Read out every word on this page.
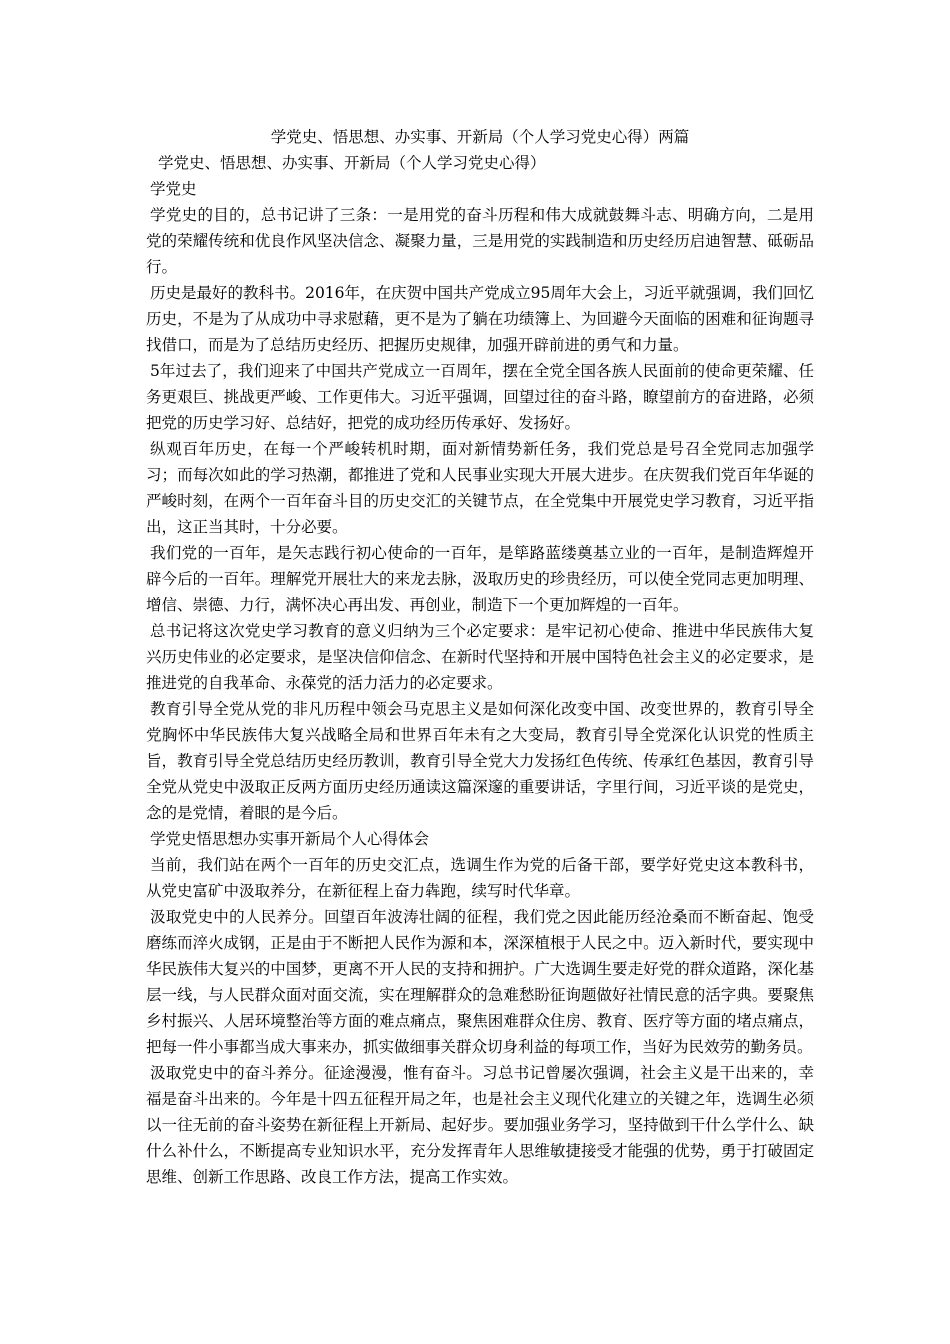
学党史、悟思想、办实事、开新局（个人学习党史心得）两篇
学党史、悟思想、办实事、开新局（个人学习党史心得）
学党史

学党史的目的，总书记讲了三条：一是用党的奋斗历程和伟大成就鼓舞斗志、明确方向，二是用党的荣耀传统和优良作风坚决信念、凝聚力量，三是用党的实践制造和历史经历启迪智慧、砥砺品行。

历史是最好的教科书。2016年，在庆贺中国共产党成立95周年大会上，习近平就强调，我们回忆历史，不是为了从成功中寻求慰藉，更不是为了躺在功绩簿上、为回避今天面临的困难和征询题寻找借口，而是为了总结历史经历、把握历史规律，加强开辟前进的勇气和力量。

5年过去了，我们迎来了中国共产党成立一百周年，摆在全党全国各族人民面前的使命更荣耀、任务更艰巨、挑战更严峻、工作更伟大。习近平强调，回望过往的奋斗路，瞭望前方的奋进路，必须把党的历史学习好、总结好，把党的成功经历传承好、发扬好。

纵观百年历史，在每一个严峻转机时期，面对新情势新任务，我们党总是号召全党同志加强学习；而每次如此的学习热潮，都推进了党和人民事业实现大开展大进步。在庆贺我们党百年华诞的严峻时刻，在两个一百年奋斗目的历史交汇的关键节点，在全党集中开展党史学习教育，习近平指出，这正当其时，十分必要。

我们党的一百年，是矢志践行初心使命的一百年，是筚路蓝缕奠基立业的一百年，是制造辉煌开辟今后的一百年。理解党开展壮大的来龙去脉，汲取历史的珍贵经历，可以使全党同志更加明理、增信、崇德、力行，满怀决心再出发、再创业，制造下一个更加辉煌的一百年。

总书记将这次党史学习教育的意义归纳为三个必定要求：是牢记初心使命、推进中华民族伟大复兴历史伟业的必定要求，是坚决信仰信念、在新时代坚持和开展中国特色社会主义的必定要求，是推进党的自我革命、永葆党的活力活力的必定要求。

教育引导全党从党的非凡历程中领会马克思主义是如何深化改变中国、改变世界的，教育引导全党胸怀中华民族伟大复兴战略全局和世界百年未有之大变局，教育引导全党深化认识党的性质主旨，教育引导全党总结历史经历教训，教育引导全党大力发扬红色传统、传承红色基因，教育引导全党从党史中汲取正反两方面历史经历通读这篇深邃的重要讲话，字里行间，习近平谈的是党史，念的是党情，着眼的是今后。

学党史悟思想办实事开新局个人心得体会

当前，我们站在两个一百年的历史交汇点，选调生作为党的后备干部，要学好党史这本教科书，从党史富矿中汲取养分，在新征程上奋力犇跑，续写时代华章。

汲取党史中的人民养分。回望百年波涛壮阔的征程，我们党之因此能历经沧桑而不断奋起、饱受磨练而淬火成钢，正是由于不断把人民作为源和本，深深植根于人民之中。迈入新时代，要实现中华民族伟大复兴的中国梦，更离不开人民的支持和拥护。广大选调生要走好党的群众道路，深化基层一线，与人民群众面对面交流，实在理解群众的急难愁盼征询题做好社情民意的活字典。要聚焦乡村振兴、人居环境整治等方面的难点痛点，聚焦困难群众住房、教育、医疗等方面的堵点痛点，把每一件小事都当成大事来办，抓实做细事关群众切身利益的每项工作，当好为民效劳的勤务员。

汲取党史中的奋斗养分。征途漫漫，惟有奋斗。习总书记曾屡次强调，社会主义是干出来的，幸福是奋斗出来的。今年是十四五征程开局之年，也是社会主义现代化建立的关键之年，选调生必须以一往无前的奋斗姿势在新征程上开新局、起好步。要加强业务学习，坚持做到干什么学什么、缺什么补什么，不断提高专业知识水平，充分发挥青年人思维敏捷接受才能强的优势，勇于打破固定思维、创新工作思路、改良工作方法，提高工作实效。
